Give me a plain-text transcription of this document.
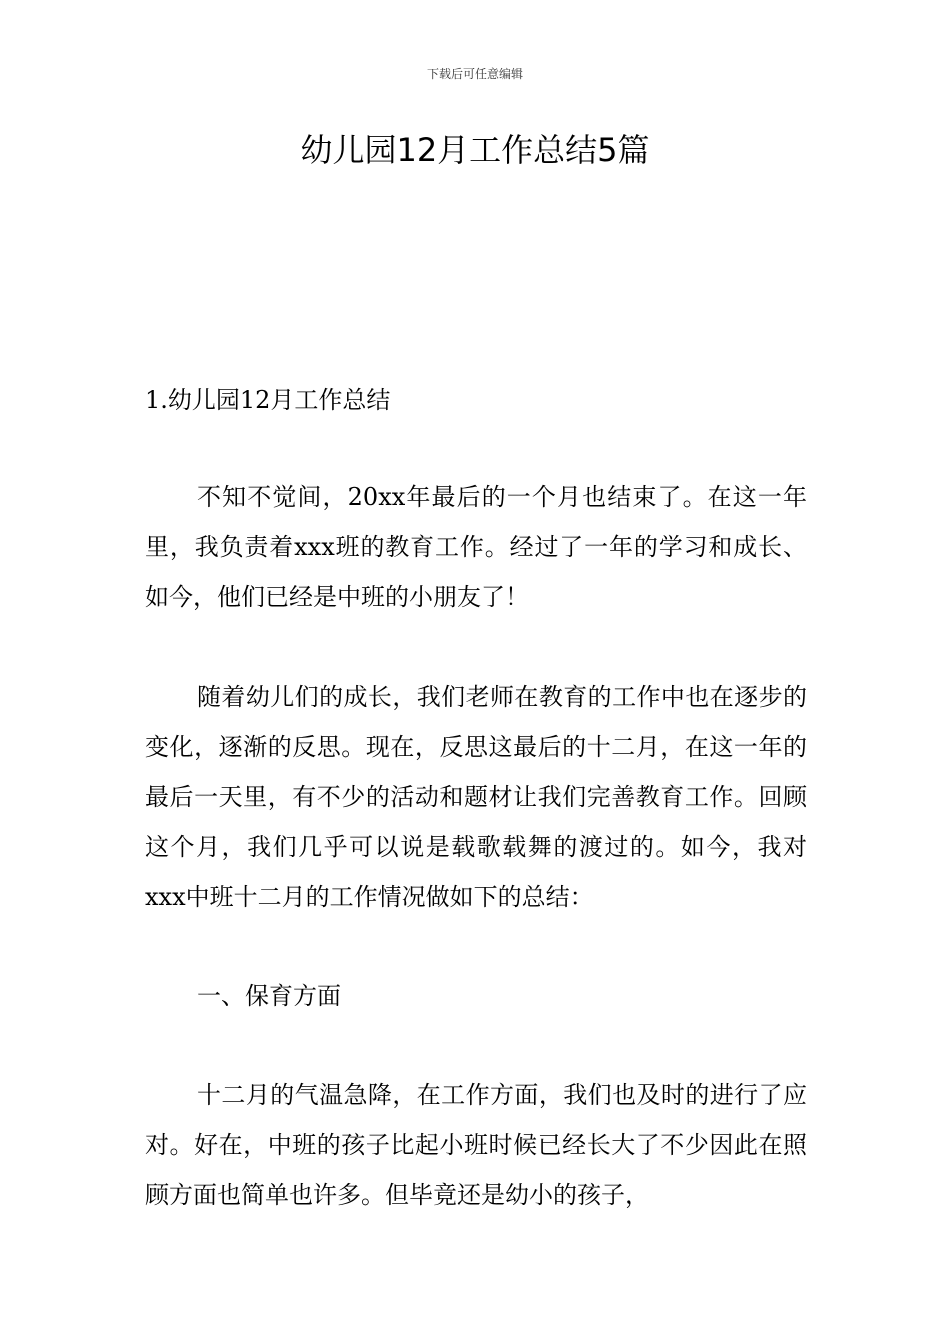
下载后可任意编辑
幼儿园12月工作总结5篇

1.幼儿园12月工作总结

不知不觉间，20xx年最后的一个月也结束了。在这一年里，我负责着xxx班的教育工作。经过了一年的学习和成长、如今，他们已经是中班的小朋友了！

随着幼儿们的成长，我们老师在教育的工作中也在逐步的变化，逐渐的反思。现在，反思这最后的十二月，在这一年的最后一天里，有不少的活动和题材让我们完善教育工作。回顾这个月，我们几乎可以说是载歌载舞的渡过的。如今，我对xxx中班十二月的工作情况做如下的总结：

一、保育方面

十二月的气温急降，在工作方面，我们也及时的进行了应对。好在，中班的孩子比起小班时候已经长大了不少因此在照顾方面也简单也许多。但毕竟还是幼小的孩子，
